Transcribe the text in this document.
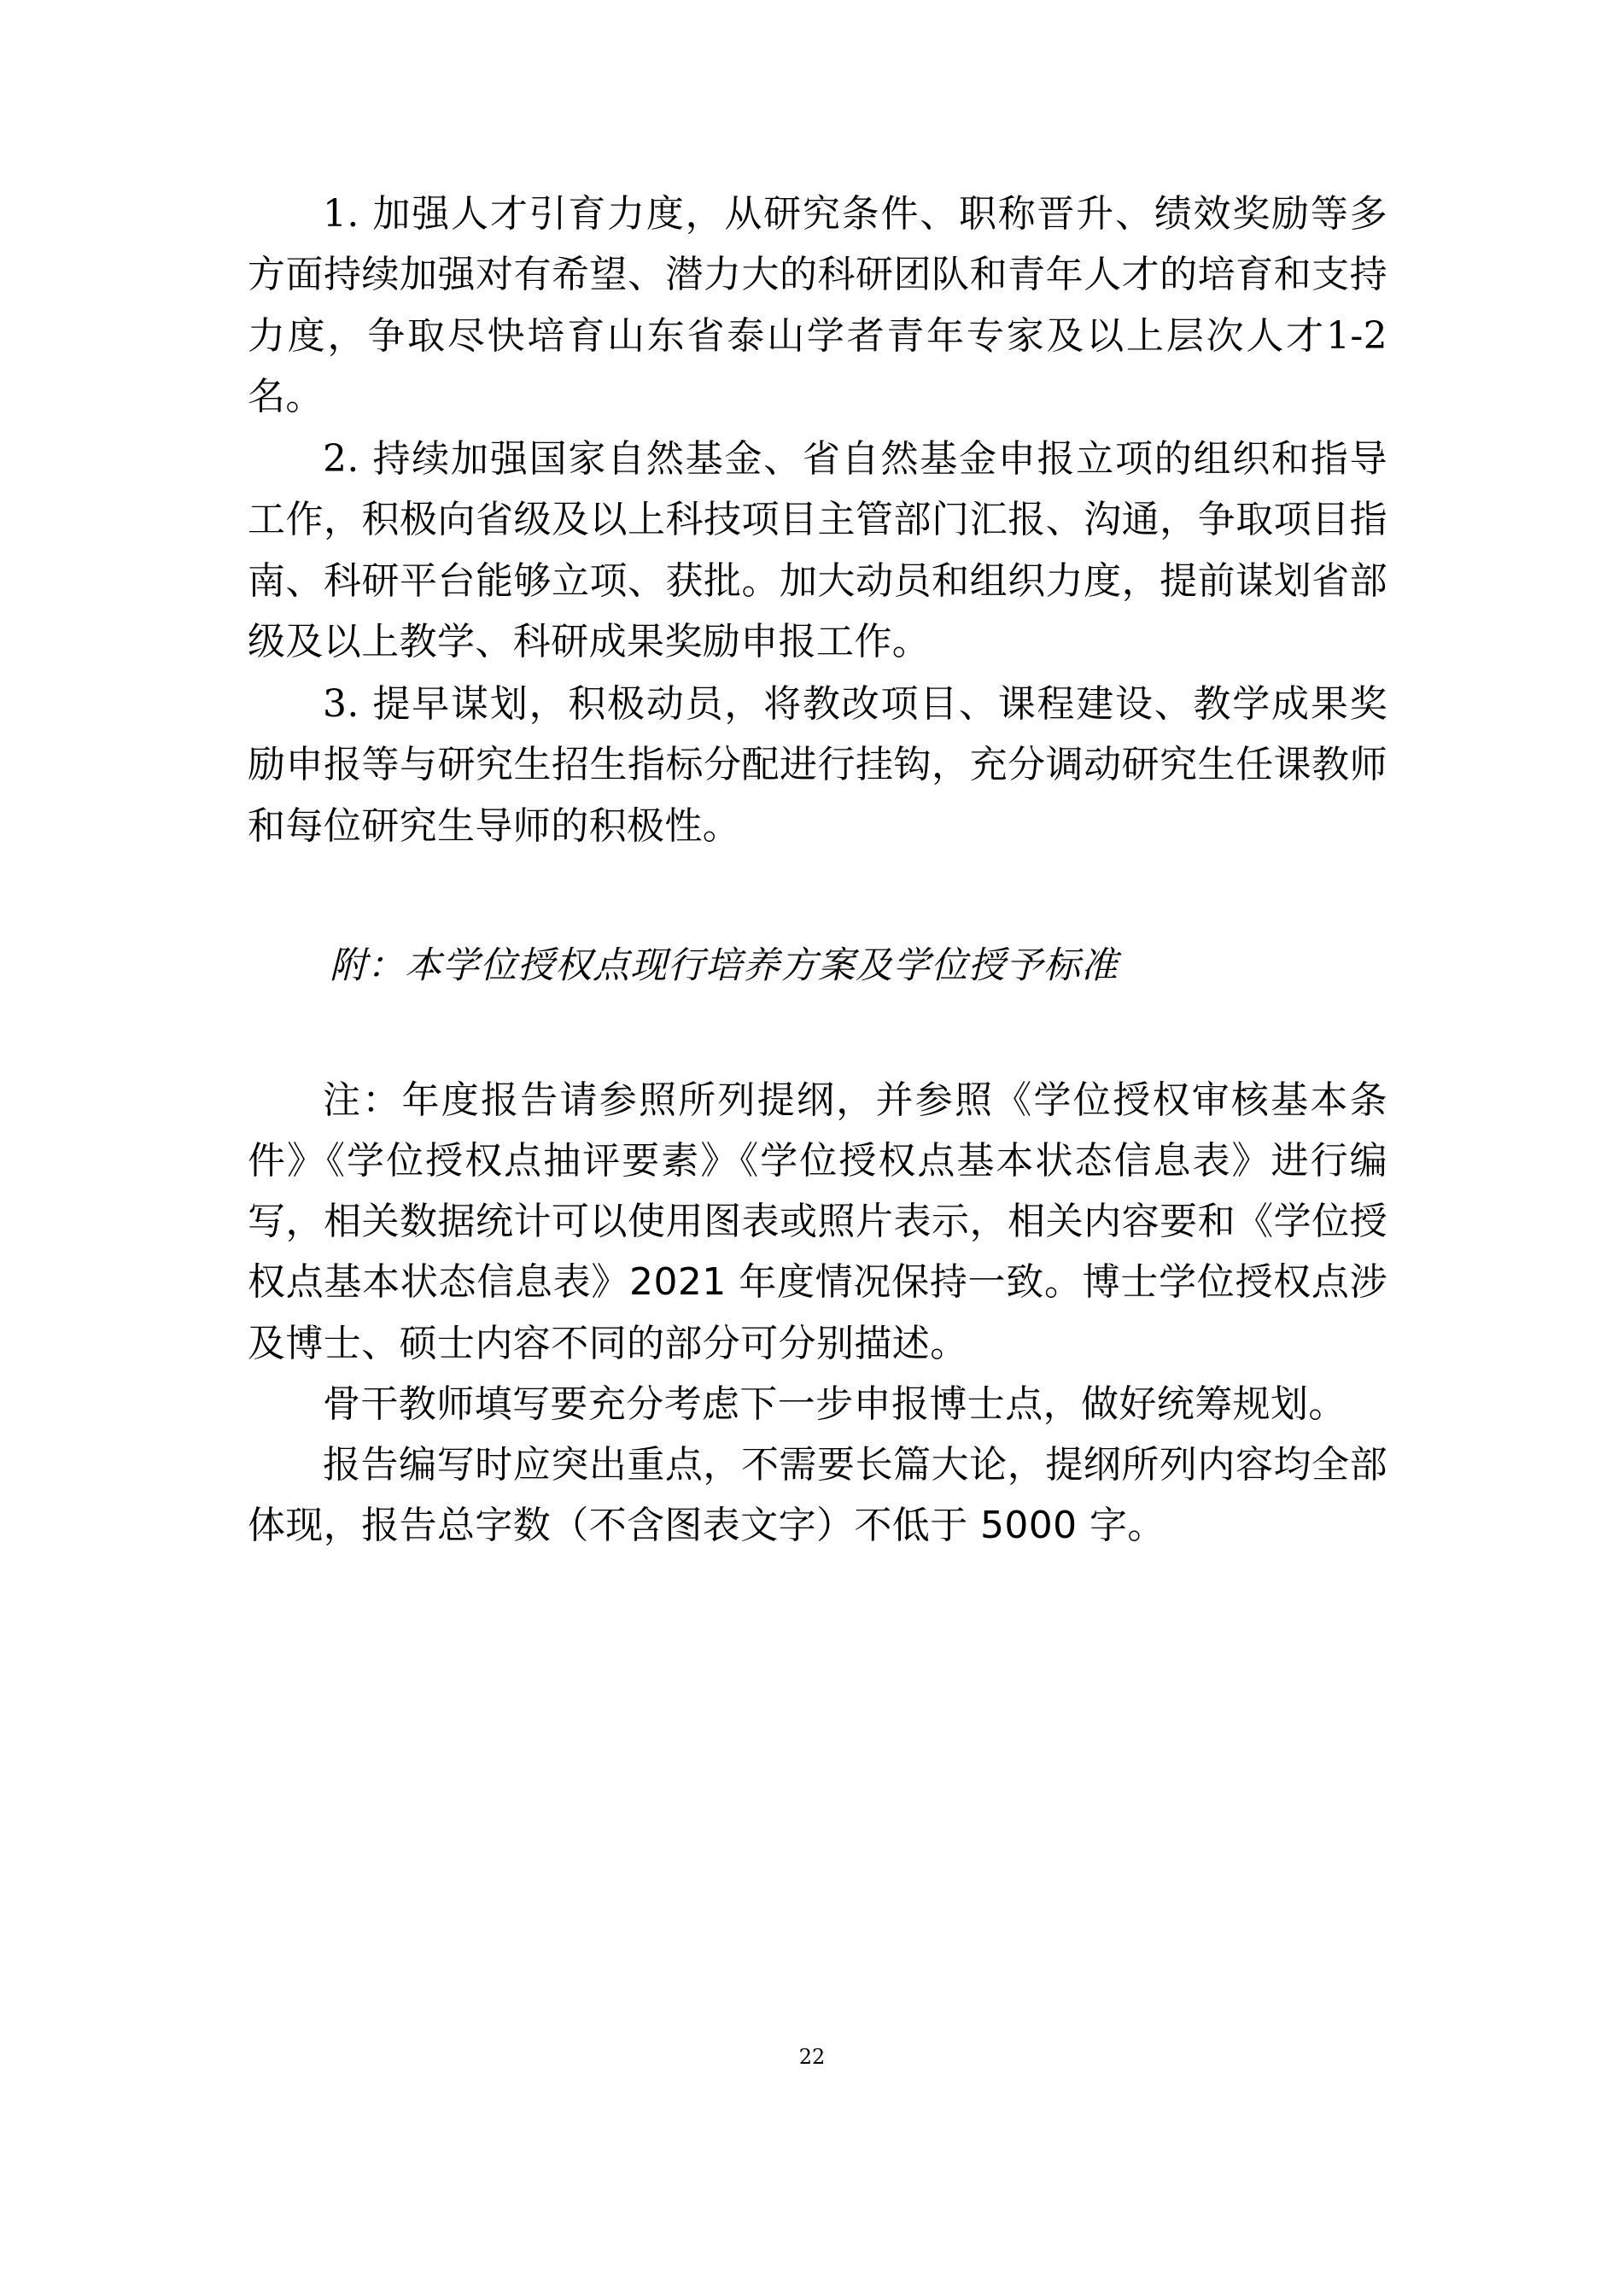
1. 加强人才引育力度，从研究条件、职称晋升、绩效奖励等多方面持续加强对有希望、潜力大的科研团队和青年人才的培育和支持力度，争取尽快培育山东省泰山学者青年专家及以上层次人才1-2 名。

2. 持续加强国家自然基金、省自然基金申报立项的组织和指导工作，积极向省级及以上科技项目主管部门汇报、沟通，争取项目指南、科研平台能够立项、获批。加大动员和组织力度，提前谋划省部级及以上教学、科研成果奖励申报工作。

3. 提早谋划，积极动员，将教改项目、课程建设、教学成果奖励申报等与研究生招生指标分配进行挂钩，充分调动研究生任课教师和每位研究生导师的积极性。

附：本学位授权点现行培养方案及学位授予标准

注：年度报告请参照所列提纲，并参照《学位授权审核基本条件》《学位授权点抽评要素》《学位授权点基本状态信息表》进行编写，相关数据统计可以使用图表或照片表示，相关内容要和《学位授权点基本状态信息表》2021 年度情况保持一致。博士学位授权点涉及博士、硕士内容不同的部分可分别描述。

骨干教师填写要充分考虑下一步申报博士点，做好统筹规划。

报告编写时应突出重点，不需要长篇大论，提纲所列内容均全部体现，报告总字数（不含图表文字）不低于 5000 字。

22
